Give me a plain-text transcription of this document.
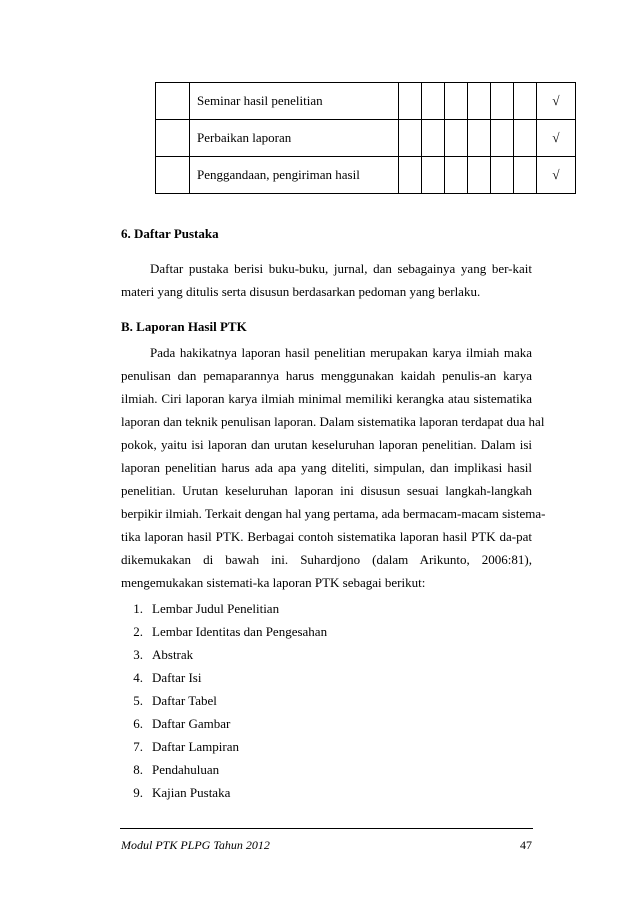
	Seminar hasil penelitian							√
	Perbaikan laporan							√
	Penggandaan, pengiriman hasil							√
6. Daftar Pustaka
Daftar pustaka berisi buku-buku, jurnal, dan sebagainya yang ber-kait
materi yang ditulis serta disusun berdasarkan pedoman yang berlaku.
B. Laporan Hasil PTK
Pada hakikatnya laporan hasil penelitian merupakan karya ilmiah maka
penulisan dan pemaparannya harus menggunakan kaidah penulis-an karya
ilmiah. Ciri laporan karya ilmiah minimal memiliki kerangka atau sistematika
laporan dan teknik penulisan laporan. Dalam sistematika laporan terdapat dua hal
pokok, yaitu isi laporan dan urutan keseluruhan laporan penelitian. Dalam isi
laporan penelitian harus ada apa yang diteliti, simpulan, dan implikasi hasil
penelitian. Urutan keseluruhan laporan ini disusun sesuai langkah-langkah
berpikir ilmiah. Terkait dengan hal yang pertama, ada bermacam-macam sistema-
tika laporan hasil PTK. Berbagai contoh sistematika laporan hasil PTK da-pat
dikemukakan di bawah ini. Suhardjono (dalam Arikunto, 2006:81),
mengemukakan sistemati-ka laporan PTK sebagai berikut:
1. Lembar Judul Penelitian
2. Lembar Identitas dan Pengesahan
3. Abstrak
4. Daftar Isi
5. Daftar Tabel
6. Daftar Gambar
7. Daftar Lampiran
8. Pendahuluan
9. Kajian Pustaka
Modul PTK PLPG Tahun 2012	47
